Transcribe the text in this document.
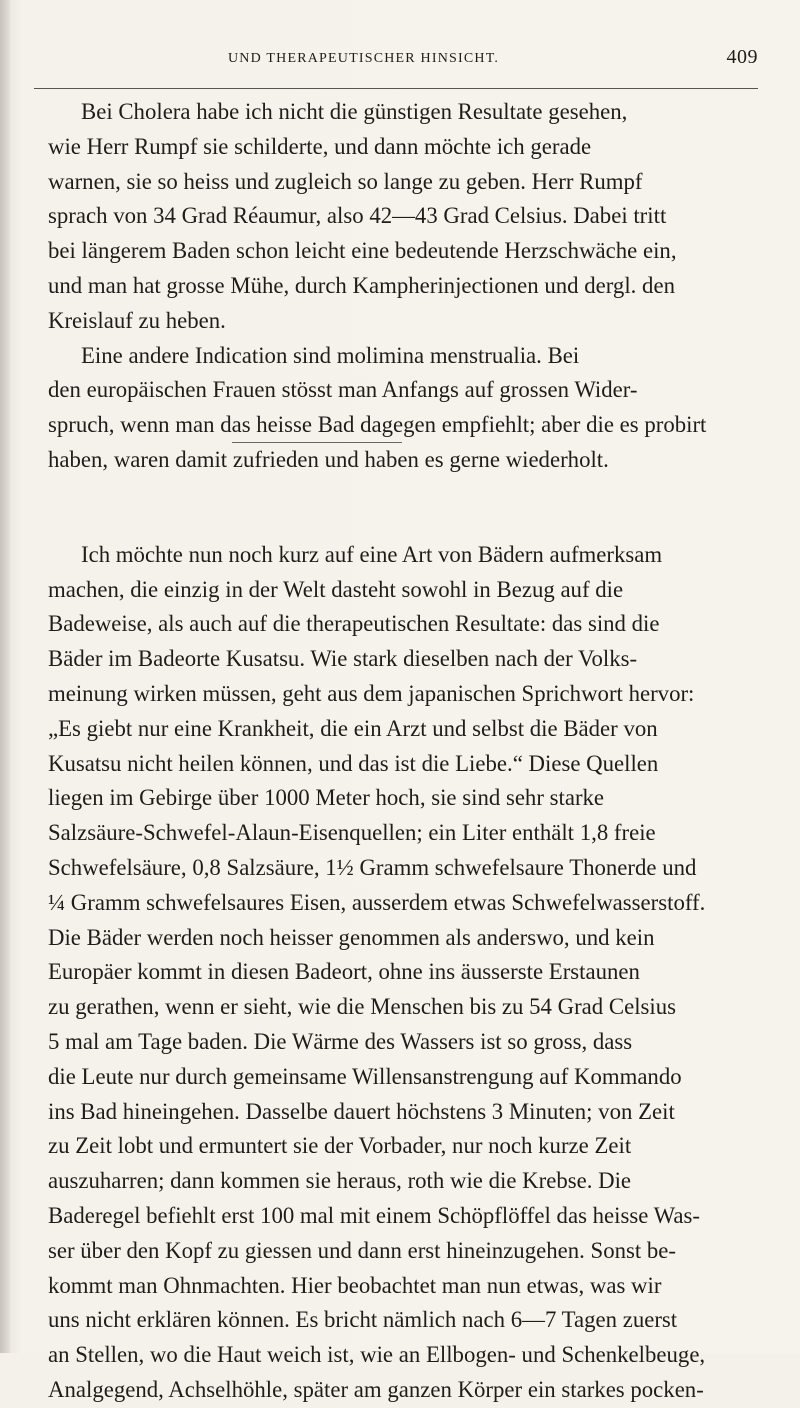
UND THERAPEUTISCHER HINSICHT.	409
Bei Cholera habe ich nicht die günstigen Resultate gesehen,
wie Herr Rumpf sie schilderte, und dann möchte ich gerade
warnen, sie so heiss und zugleich so lange zu geben. Herr Rumpf
sprach von 34 Grad Réaumur, also 42—43 Grad Celsius. Dabei tritt
bei längerem Baden schon leicht eine bedeutende Herzschwäche ein,
und man hat grosse Mühe, durch Kampherinjectionen und dergl. den
Kreislauf zu heben.
Eine andere Indication sind molimina menstrualia. Bei
den europäischen Frauen stösst man Anfangs auf grossen Wider-
spruch, wenn man das heisse Bad dagegen empfiehlt; aber die es probirt
haben, waren damit zufrieden und haben es gerne wiederholt.
Ich möchte nun noch kurz auf eine Art von Bädern aufmerksam
machen, die einzig in der Welt dasteht sowohl in Bezug auf die
Badeweise, als auch auf die therapeutischen Resultate: das sind die
Bäder im Badeorte Kusatsu. Wie stark dieselben nach der Volks-
meinung wirken müssen, geht aus dem japanischen Sprichwort hervor:
„Es giebt nur eine Krankheit, die ein Arzt und selbst die Bäder von
Kusatsu nicht heilen können, und das ist die Liebe.“ Diese Quellen
liegen im Gebirge über 1000 Meter hoch, sie sind sehr starke
Salzsäure-Schwefel-Alaun-Eisenquellen; ein Liter enthält 1,8 freie
Schwefelsäure, 0,8 Salzsäure, 1½ Gramm schwefelsaure Thonerde und
¼ Gramm schwefelsaures Eisen, ausserdem etwas Schwefelwasserstoff.
Die Bäder werden noch heisser genommen als anderswo, und kein
Europäer kommt in diesen Badeort, ohne ins äusserste Erstaunen
zu gerathen, wenn er sieht, wie die Menschen bis zu 54 Grad Celsius
5 mal am Tage baden. Die Wärme des Wassers ist so gross, dass
die Leute nur durch gemeinsame Willensanstrengung auf Kommando
ins Bad hineingehen. Dasselbe dauert höchstens 3 Minuten; von Zeit
zu Zeit lobt und ermuntert sie der Vorbader, nur noch kurze Zeit
auszuharren; dann kommen sie heraus, roth wie die Krebse. Die
Baderegel befiehlt erst 100 mal mit einem Schöpflöffel das heisse Was-
ser über den Kopf zu giessen und dann erst hineinzugehen. Sonst be-
kommt man Ohnmachten. Hier beobachtet man nun etwas, was wir
uns nicht erklären können. Es bricht nämlich nach 6—7 Tagen zuerst
an Stellen, wo die Haut weich ist, wie an Ellbogen- und Schenkelbeuge,
Analgegend, Achselhöhle, später am ganzen Körper ein starkes pocken-
